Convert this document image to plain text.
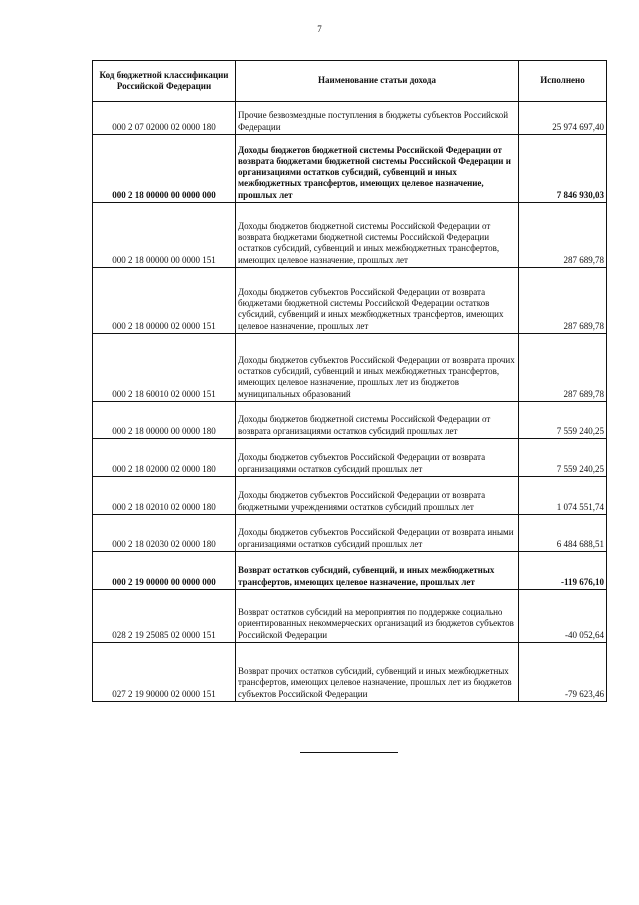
7
Код бюджетной классификации Российской Федерации	Наименование статьи дохода	Исполнено
000 2 07 02000 02 0000 180	Прочие безвозмездные поступления в бюджеты субъектов Российской Федерации	25 974 697,40
000 2 18 00000 00 0000 000	Доходы бюджетов бюджетной системы Российской Федерации от возврата бюджетами бюджетной системы Российской Федерации и организациями остатков субсидий, субвенций и иных межбюджетных трансфертов, имеющих целевое назначение, прошлых лет	7 846 930,03
000 2 18 00000 00 0000 151	Доходы бюджетов бюджетной системы Российской Федерации от возврата бюджетами бюджетной системы Российской Федерации остатков субсидий, субвенций и иных межбюджетных трансфертов, имеющих целевое назначение, прошлых лет	287 689,78
000 2 18 00000 02 0000 151	Доходы бюджетов субъектов Российской Федерации от возврата бюджетами бюджетной системы Российской Федерации остатков субсидий, субвенций и иных межбюджетных трансфертов, имеющих целевое назначение, прошлых лет	287 689,78
000 2 18 60010 02 0000 151	Доходы бюджетов субъектов Российской Федерации от возврата прочих остатков субсидий, субвенций и иных межбюджетных трансфертов, имеющих целевое назначение, прошлых лет из бюджетов муниципальных образований	287 689,78
000 2 18 00000 00 0000 180	Доходы бюджетов бюджетной системы Российской Федерации от возврата организациями остатков субсидий прошлых лет	7 559 240,25
000 2 18 02000 02 0000 180	Доходы бюджетов субъектов Российской Федерации от возврата организациями остатков субсидий прошлых лет	7 559 240,25
000 2 18 02010 02 0000 180	Доходы бюджетов субъектов Российской Федерации от возврата бюджетными учреждениями остатков субсидий прошлых лет	1 074 551,74
000 2 18 02030 02 0000 180	Доходы бюджетов субъектов Российской Федерации от возврата иными организациями остатков субсидий прошлых лет	6 484 688,51
000 2 19 00000 00 0000 000	Возврат остатков субсидий, субвенций, и иных межбюджетных трансфертов, имеющих целевое назначение, прошлых лет	-119 676,10
028 2 19 25085 02 0000 151	Возврат остатков субсидий на мероприятия по поддержке социально ориентированных некоммерческих организаций из бюджетов субъектов Российской Федерации	-40 052,64
027 2 19 90000 02 0000 151	Возврат прочих остатков субсидий, субвенций и иных межбюджетных трансфертов, имеющих целевое назначение, прошлых лет из бюджетов субъектов Российской Федерации	-79 623,46
